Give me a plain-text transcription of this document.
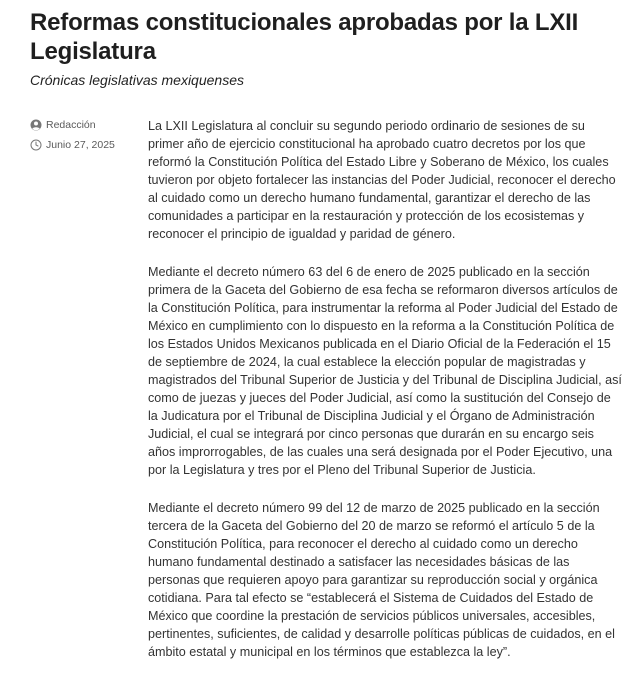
Reformas constitucionales aprobadas por la LXII Legislatura

Crónicas legislativas mexiquenses

Redacción
Junio 27, 2025

La LXII Legislatura al concluir su segundo periodo ordinario de sesiones de su primer año de ejercicio constitucional ha aprobado cuatro decretos por los que reformó la Constitución Política del Estado Libre y Soberano de México, los cuales tuvieron por objeto fortalecer las instancias del Poder Judicial, reconocer el derecho al cuidado como un derecho humano fundamental, garantizar el derecho de las comunidades a participar en la restauración y protección de los ecosistemas y reconocer el principio de igualdad y paridad de género.

Mediante el decreto número 63 del 6 de enero de 2025 publicado en la sección primera de la Gaceta del Gobierno de esa fecha se reformaron diversos artículos de la Constitución Política, para instrumentar la reforma al Poder Judicial del Estado de México en cumplimiento con lo dispuesto en la reforma a la Constitución Política de los Estados Unidos Mexicanos publicada en el Diario Oficial de la Federación el 15 de septiembre de 2024, la cual establece la elección popular de magistradas y magistrados del Tribunal Superior de Justicia y del Tribunal de Disciplina Judicial, así como de juezas y jueces del Poder Judicial, así como la sustitución del Consejo de la Judicatura por el Tribunal de Disciplina Judicial y el Órgano de Administración Judicial, el cual se integrará por cinco personas que durarán en su encargo seis años improrrogables, de las cuales una será designada por el Poder Ejecutivo, una por la Legislatura y tres por el Pleno del Tribunal Superior de Justicia.

Mediante el decreto número 99 del 12 de marzo de 2025 publicado en la sección tercera de la Gaceta del Gobierno del 20 de marzo se reformó el artículo 5 de la Constitución Política, para reconocer el derecho al cuidado como un derecho humano fundamental destinado a satisfacer las necesidades básicas de las personas que requieren apoyo para garantizar su reproducción social y orgánica cotidiana. Para tal efecto se “establecerá el Sistema de Cuidados del Estado de México que coordine la prestación de servicios públicos universales, accesibles, pertinentes, suficientes, de calidad y desarrolle políticas públicas de cuidados, en el ámbito estatal y municipal en los términos que establezca la ley”.
